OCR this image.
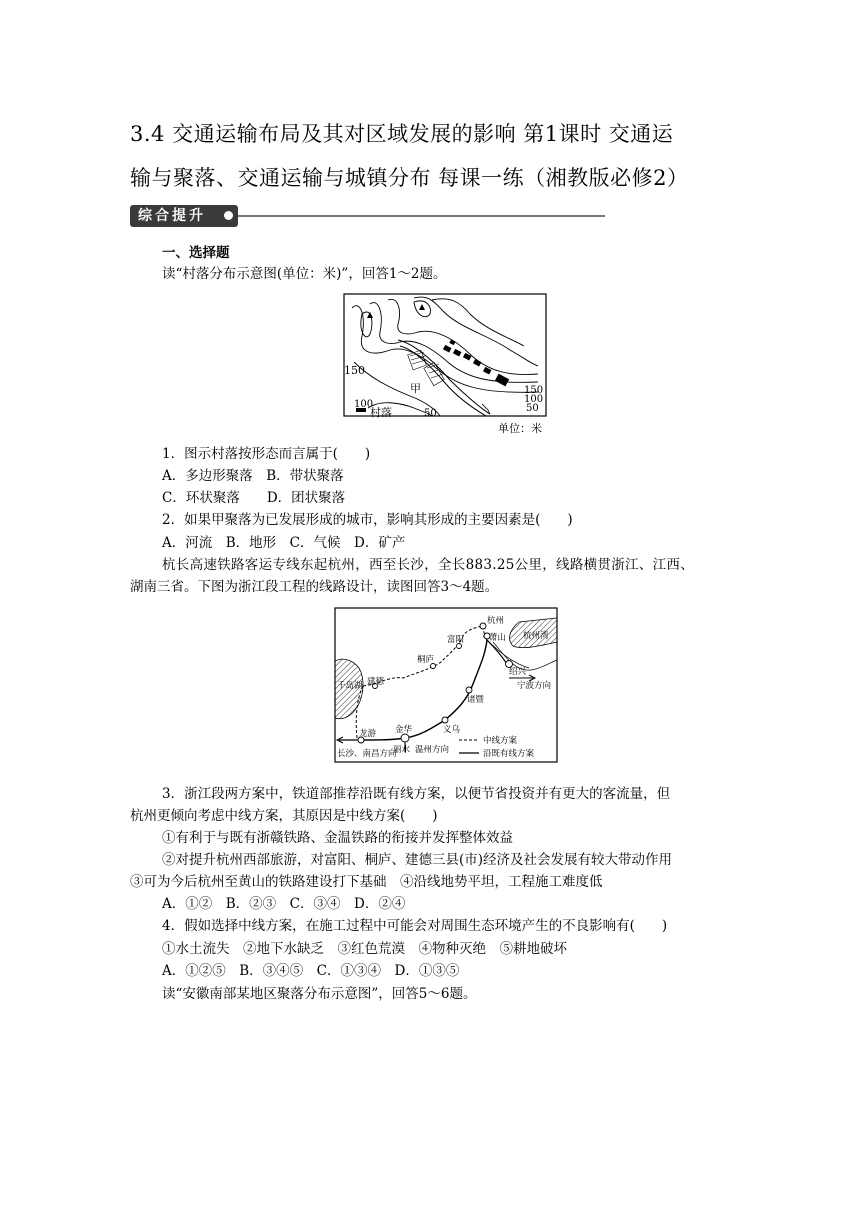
3.4 交通运输布局及其对区域发展的影响 第1课时 交通运
输与聚落、交通运输与城镇分布 每课一练（湘教版必修2）
综合提升
一、选择题
读“村落分布示意图(单位：米)”，回答1～2题。
150
150
100
50
100
村落	50
甲
单位：米
1．图示村落按形态而言属于(　　)
A．多边形聚落　B．带状聚落
C．环状聚落　　D．团状聚落
2．如果甲聚落为已发展形成的城市，影响其形成的主要因素是(　　)
A．河流　B．地形　C．气候　D．矿产
杭长高速铁路客运专线东起杭州，西至长沙，全长883.25公里，线路横贯浙江、江西、
湖南三省。下图为浙江段工程的线路设计，读图回答3～4题。
杭州
萧山 杭州湾
富阳
桐庐
千岛湖 建德
诸暨
绍兴
宁波方向
义乌
金华
龙游
丽水 温州方向
长沙、南昌方向
中线方案
沿既有线方案
3．浙江段两方案中，铁道部推荐沿既有线方案，以便节省投资并有更大的客流量，但
杭州更倾向考虑中线方案，其原因是中线方案(　　)
①有利于与既有浙赣铁路、金温铁路的衔接并发挥整体效益
②对提升杭州西部旅游，对富阳、桐庐、建德三县(市)经济及社会发展有较大带动作用
③可为今后杭州至黄山的铁路建设打下基础　④沿线地势平坦，工程施工难度低
A．①②　B．②③　C．③④　D．②④
4．假如选择中线方案，在施工过程中可能会对周围生态环境产生的不良影响有(　　)
①水土流失　②地下水缺乏　③红色荒漠　④物种灭绝　⑤耕地破坏
A．①②⑤　B．③④⑤　C．①③④　D．①③⑤
读“安徽南部某地区聚落分布示意图”，回答5～6题。
